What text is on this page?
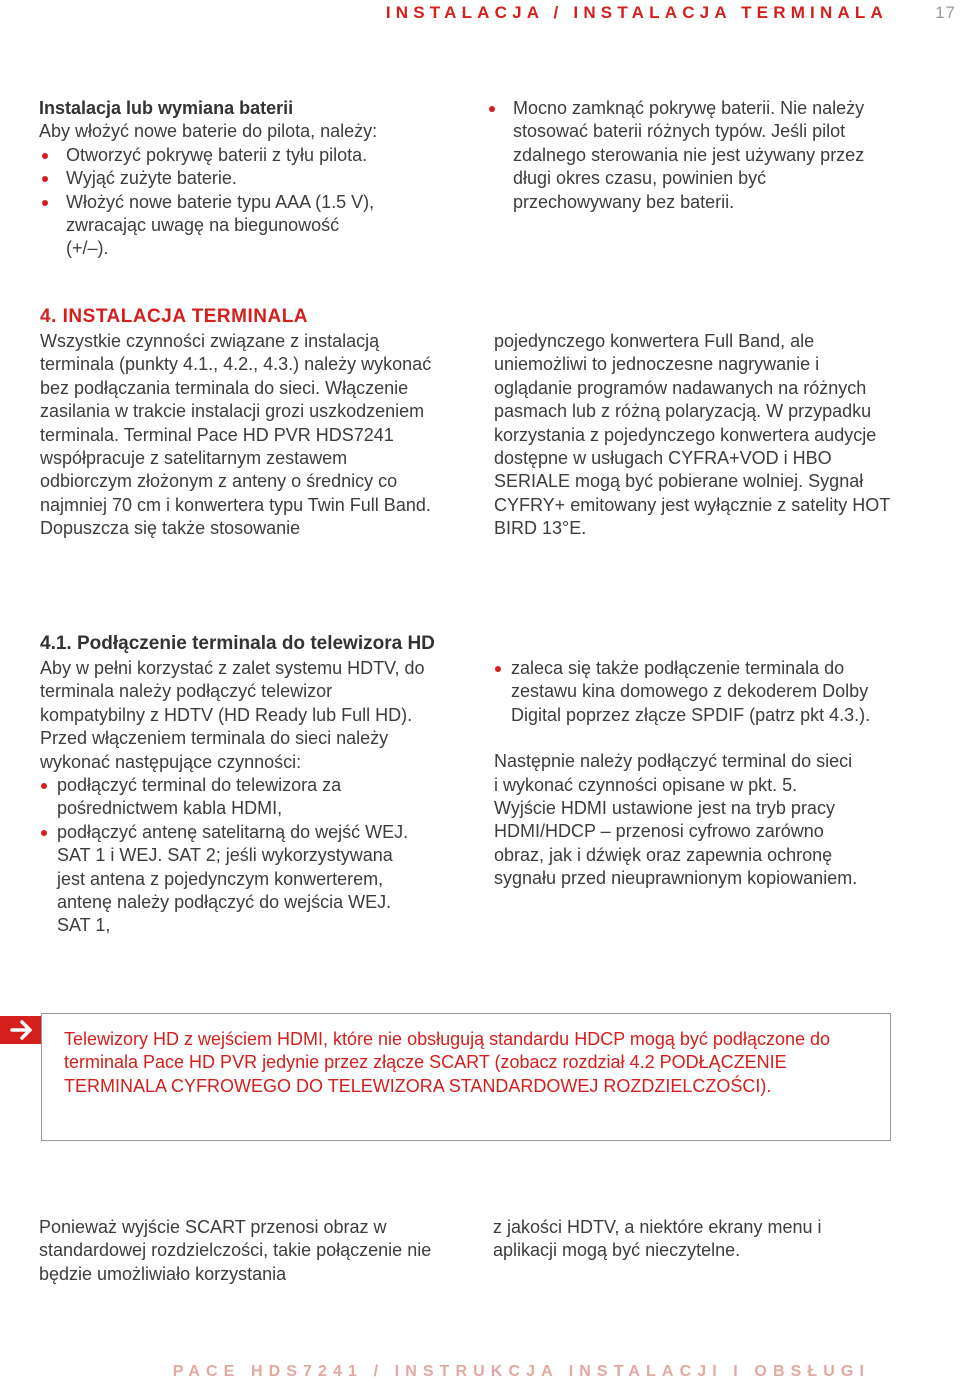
INSTALACJA / INSTALACJA TERMINALA	17

Instalacja lub wymiana baterii

Aby włożyć nowe baterie do pilota, należy:

Otworzyć pokrywę baterii z tyłu pilota.
Wyjąć zużyte baterie.
Włożyć nowe baterie typu AAA (1.5 V), zwracając uwagę na biegunowość (+/–).
Mocno zamknąć pokrywę baterii. Nie należy stosować baterii różnych typów. Jeśli pilot zdalnego sterowania nie jest używany przez długi okres czasu, powinien być przechowywany bez baterii.
4. INSTALACJA TERMINALA

Wszystkie czynności związane z instalacją terminala (punkty 4.1., 4.2., 4.3.) należy wykonać bez podłączania terminala do sieci. Włączenie zasilania w trakcie instalacji grozi uszkodzeniem terminala. Terminal Pace HD PVR HDS7241 współpracuje z satelitarnym zestawem odbiorczym złożonym z anteny o średnicy co najmniej 70 cm i konwertera typu Twin Full Band. Dopuszcza się także stosowanie

pojedynczego konwertera Full Band, ale uniemożliwi to jednoczesne nagrywanie i oglądanie programów nadawanych na różnych pasmach lub z różną polaryzacją. W przypadku korzystania z pojedynczego konwertera audycje dostępne w usługach CYFRA+VOD i HBO SERIALE mogą być pobierane wolniej. Sygnał CYFRY+ emitowany jest wyłącznie z satelity HOT BIRD 13°E.

4.1. Podłączenie terminala do telewizora HD

Aby w pełni korzystać z zalet systemu HDTV, do terminala należy podłączyć telewizor kompatybilny z HDTV (HD Ready lub Full HD). Przed włączeniem terminala do sieci należy wykonać następujące czynności:

podłączyć terminal do telewizora za pośrednictwem kabla HDMI,
podłączyć antenę satelitarną do wejść WEJ. SAT 1 i WEJ. SAT 2; jeśli wykorzystywana jest antena z pojedynczym konwerterem, antenę należy podłączyć do wejścia WEJ. SAT 1,
zaleca się także podłączenie terminala do zestawu kina domowego z dekoderem Dolby Digital poprzez złącze SPDIF (patrz pkt 4.3.).

Następnie należy podłączyć terminal do sieci i wykonać czynności opisane w pkt. 5.

Wyjście HDMI ustawione jest na tryb pracy HDMI/HDCP – przenosi cyfrowo zarówno obraz, jak i dźwięk oraz zapewnia ochronę sygnału przed nieuprawnionym kopiowaniem.

Telewizory HD z wejściem HDMI, które nie obsługują standardu HDCP mogą być podłączone do terminala Pace HD PVR jedynie przez złącze SCART (zobacz rozdział 4.2 PODŁĄCZENIE TERMINALA CYFROWEGO DO TELEWIZORA STANDARDOWEJ ROZDZIELCZOŚCI).

Ponieważ wyjście SCART przenosi obraz w standardowej rozdzielczości, takie połączenie nie będzie umożliwiało korzystania

z jakości HDTV, a niektóre ekrany menu i aplikacji mogą być nieczytelne.

PACE HDS7241 / INSTRUKCJA INSTALACJI I OBSŁUGI
